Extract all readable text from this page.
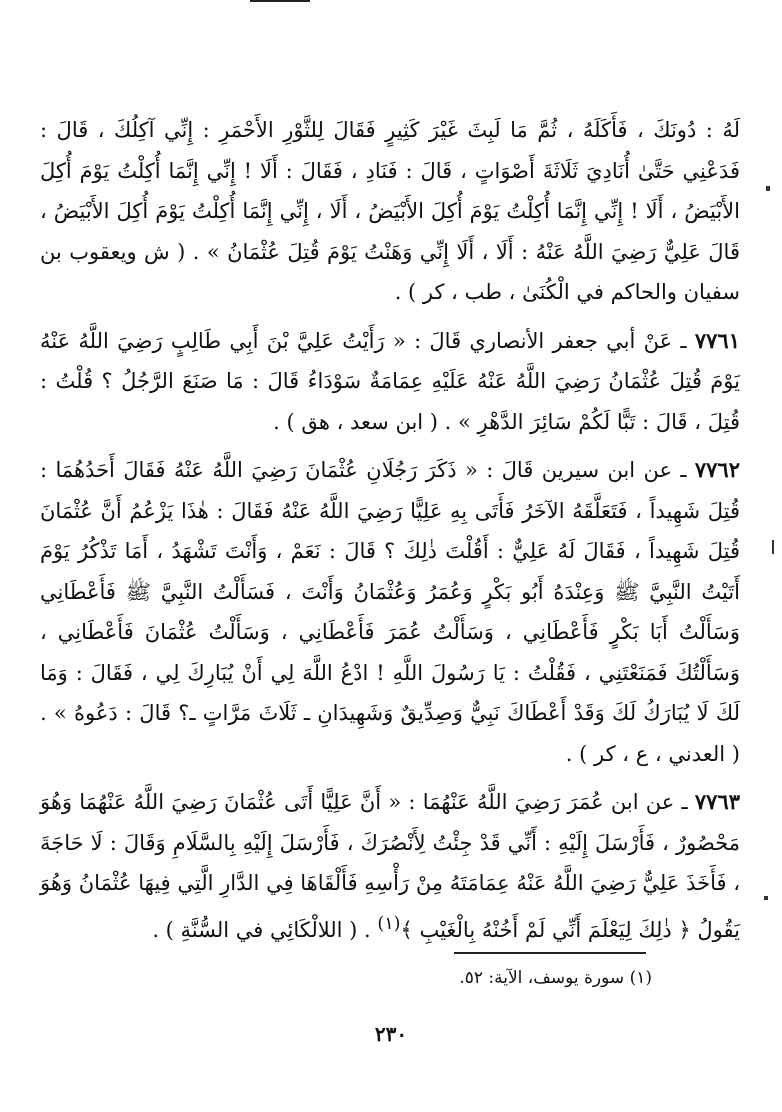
لَهُ : دُونَكَ ، فَأَكَلَهُ ، ثُمَّ مَا لَبِثَ غَيْرَ كَثِيرٍ فَقَالَ لِلثَّوْرِ الأَحْمَرِ : إِنِّي آكِلُكَ ، قَالَ : فَدَعْنِي حَتَّىٰ أُنَادِيَ ثَلَاثَةَ أَصْوَاتٍ ، قَالَ : فَنَادِ ، فَقَالَ : أَلَا ! إِنِّي إِنَّمَا أُكِلْتُ يَوْمَ أُكِلَ الأَبْيَضُ ، أَلَا ! إِنِّي إِنَّمَا أُكِلْتُ يَوْمَ أُكِلَ الأَبْيَضُ ، أَلَا ، إِنِّي إِنَّمَا أُكِلْتُ يَوْمَ أُكِلَ الأَبْيَضُ ، قَالَ عَلِيٌّ رَضِيَ اللَّهُ عَنْهُ : أَلَا ، أَلَا إِنِّي وَهَنْتُ يَوْمَ قُتِلَ عُثْمَانُ » . ( ش ويعقوب بن سفيان والحاكم في الْكُنَىٰ ، طب ، كر ) .

٧٧٦١ ـ عَنْ أبي جعفر الأنصاري قَالَ : « رَأَيْتُ عَلِيَّ بْنَ أَبِي طَالِبٍ رَضِيَ اللَّهُ عَنْهُ يَوْمَ قُتِلَ عُثْمَانُ رَضِيَ اللَّهُ عَنْهُ عَلَيْهِ عِمَامَةٌ سَوْدَاءُ قَالَ : مَا صَنَعَ الرَّجُلُ ؟ قُلْتُ : قُتِلَ ، قَالَ : تَبًّا لَكُمْ سَائِرَ الدَّهْرِ » . ( ابن سعد ، هق ) .

٧٧٦٢ ـ عن ابن سيرين قَالَ : « ذَكَرَ رَجُلَانِ عُثْمَانَ رَضِيَ اللَّهُ عَنْهُ فَقَالَ أَحَدُهُمَا : قُتِلَ شَهِيداً ، فَتَعَلَّقَهُ الآخَرُ فَأَتَى بِهِ عَلِيًّا رَضِيَ اللَّهُ عَنْهُ فَقَالَ : هٰذَا يَزْعُمُ أَنَّ عُثْمَانَ قُتِلَ شَهِيداً ، فَقَالَ لَهُ عَلِيٌّ : أَقُلْتَ ذٰلِكَ ؟ قَالَ : نَعَمْ ، وَأَنْتَ تَشْهَدُ ، أَمَا تَذْكُرُ يَوْمَ أَتَيْتُ النَّبِيَّ ﷺ وَعِنْدَهُ أَبُو بَكْرٍ وَعُمَرُ وَعُثْمَانُ وَأَنْتَ ، فَسَأَلْتُ النَّبِيَّ ﷺ فَأَعْطَانِي وَسَأَلْتُ أَبَا بَكْرٍ فَأَعْطَانِي ، وَسَأَلْتُ عُمَرَ فَأَعْطَانِي ، وَسَأَلْتُ عُثْمَانَ فَأَعْطَانِي ، وَسَأَلْتُكَ فَمَنَعْتَنِي ، فَقُلْتُ : يَا رَسُولَ اللَّهِ ! ادْعُ اللَّهَ لِي أَنْ يُبَارِكَ لِي ، فَقَالَ : وَمَا لَكَ لَا يُبَارَكُ لَكَ وَقَدْ أَعْطَاكَ نَبِيٌّ وَصِدِّيقٌ وَشَهِيدَانِ ـ ثَلَاثَ مَرَّاتٍ ـ؟ قَالَ : دَعُوهُ » . ( العدني ، ع ، كر ) .

٧٧٦٣ ـ عن ابن عُمَرَ رَضِيَ اللَّهُ عَنْهُمَا : « أَنَّ عَلِيًّا أَتَى عُثْمَانَ رَضِيَ اللَّهُ عَنْهُمَا وَهُوَ مَحْصُورٌ ، فَأَرْسَلَ إِلَيْهِ : أَنِّي قَدْ جِئْتُ لِأَنْصُرَكَ ، فَأَرْسَلَ إِلَيْهِ بِالسَّلَامِ وَقَالَ : لَا حَاجَةَ ، فَأَخَذَ عَلِيٌّ رَضِيَ اللَّهُ عَنْهُ عِمَامَتَهُ مِنْ رَأْسِهِ فَأَلْقَاهَا فِي الدَّارِ الَّتِي فِيهَا عُثْمَانُ وَهُوَ يَقُولُ ﴿ ذٰلِكَ لِيَعْلَمَ أَنِّي لَمْ أَخُنْهُ بِالْغَيْبِ ﴾$^{(١)}$ . ( اللالْكَائِي في السُّنَّةِ ) .

(١) سورة يوسف، الآية: ٥٢.
٢٣٠
